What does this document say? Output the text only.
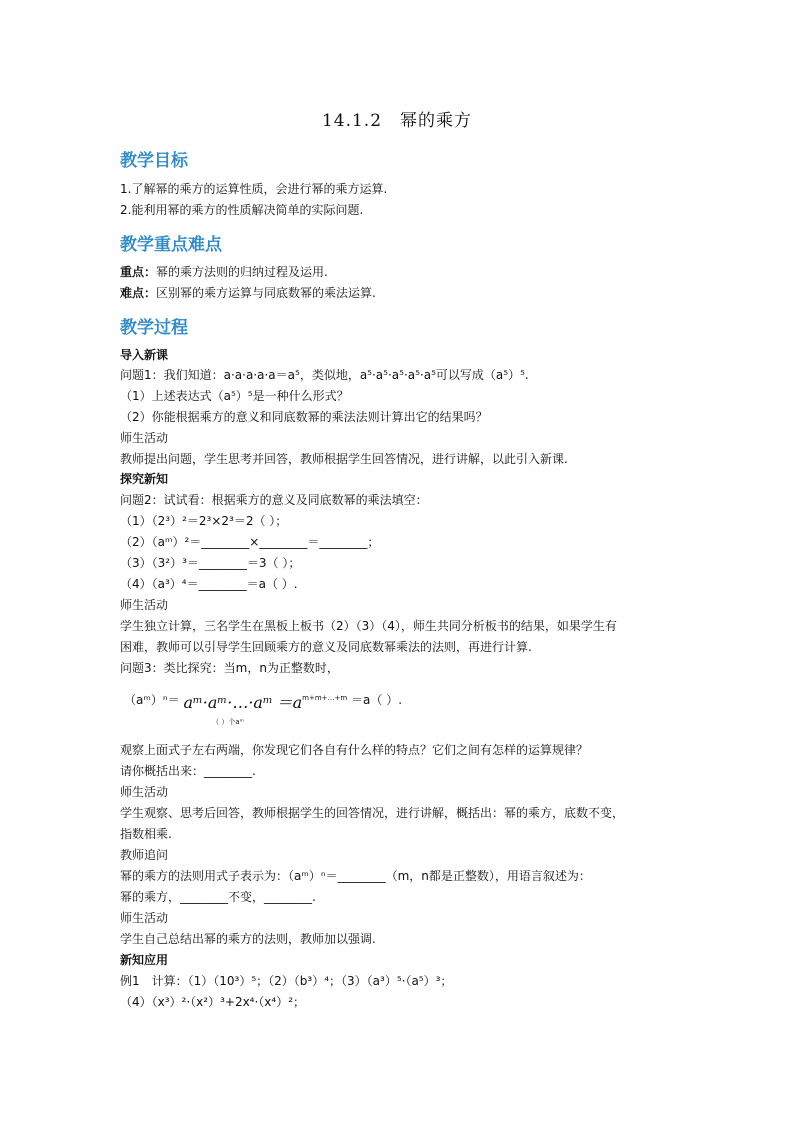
14.1.2　幂的乘方
教学目标
1.了解幂的乘方的运算性质，会进行幂的乘方运算.
2.能利用幂的乘方的性质解决简单的实际问题.
教学重点难点
重点：幂的乘方法则的归纳过程及运用.
难点：区别幂的乘方运算与同底数幂的乘法运算.
教学过程
导入新课
问题1：我们知道：a·a·a·a·a＝a⁵，类似地，a⁵·a⁵·a⁵·a⁵·a⁵可以写成（a⁵）⁵.
（1）上述表达式（a⁵）⁵是一种什么形式？
（2）你能根据乘方的意义和同底数幂的乘法法则计算出它的结果吗？
师生活动
教师提出问题，学生思考并回答，教师根据学生回答情况，进行讲解，以此引入新课.
探究新知
问题2：试试看：根据乘方的意义及同底数幂的乘法填空：
（1）（2³）²＝2³×2³＝2（ ）；
（2）（aᵐ）²＝________×________＝________；
（3）（3²）³＝________＝3（ ）；
（4）（a³）⁴＝________＝a（ ）.
师生活动
学生独立计算，三名学生在黑板上板书（2）（3）（4），师生共同分析板书的结果，如果学生有
困难，教师可以引导学生回顾乘方的意义及同底数幂乘法的法则，再进行计算.
问题3：类比探究：当m，n为正整数时，
（aᵐ）ⁿ＝ aᵐ·aᵐ·…·aᵐ
（ ）个aᵐ
$=a^{m+m+\dots+m} =a$（ ）.
观察上面式子左右两端，你发现它们各自有什么样的特点？它们之间有怎样的运算规律？
请你概括出来：________.
师生活动
学生观察、思考后回答，教师根据学生的回答情况，进行讲解，概括出：幂的乘方，底数不变，
指数相乘.
教师追问
幂的乘方的法则用式子表示为：（aᵐ）ⁿ＝________（m，n都是正整数），用语言叙述为：
幂的乘方，________不变，________.
师生活动
学生自己总结出幂的乘方的法则，教师加以强调.
新知应用
例1　计算：（1）（10³）⁵；（2）（b³）⁴；（3）（a³）⁵·（a⁵）³；
（4）（x³）²·（x²）³+2x⁴·（x⁴）²；
